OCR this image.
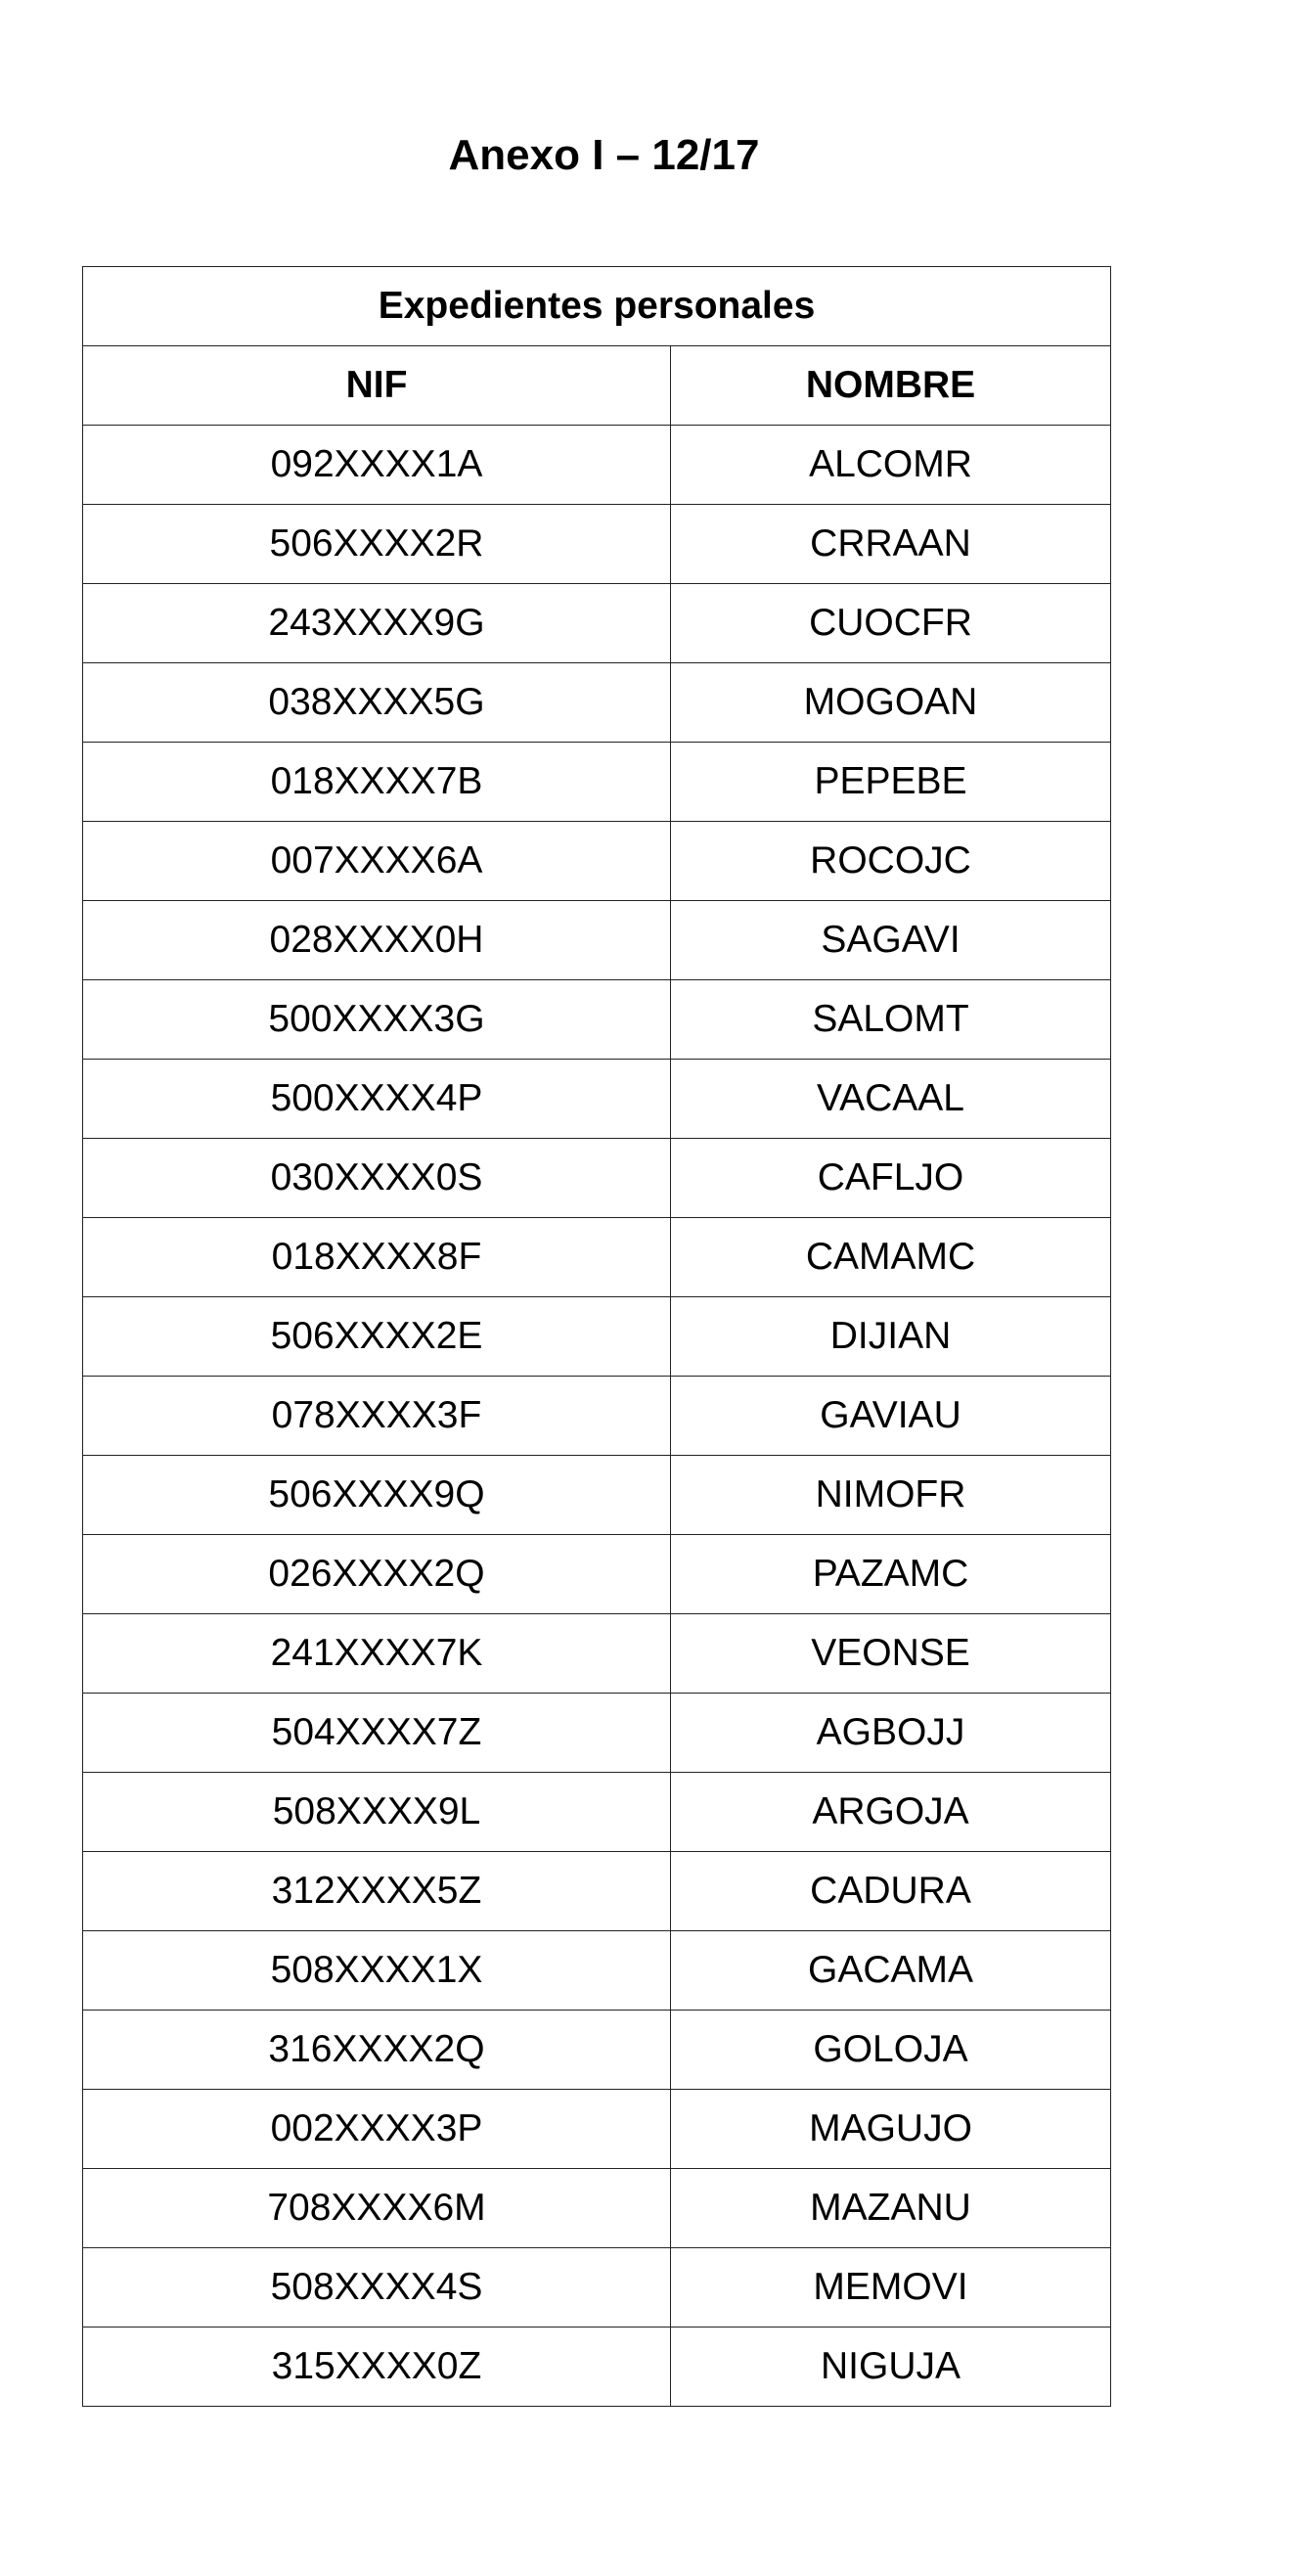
Anexo I – 12/17
Expedientes personales	
NIF	NOMBRE
092XXXX1A	ALCOMR
506XXXX2R	CRRAAN
243XXXX9G	CUOCFR
038XXXX5G	MOGOAN
018XXXX7B	PEPEBE
007XXXX6A	ROCOJC
028XXXX0H	SAGAVI
500XXXX3G	SALOMT
500XXXX4P	VACAAL
030XXXX0S	CAFLJO
018XXXX8F	CAMAMC
506XXXX2E	DIJIAN
078XXXX3F	GAVIAU
506XXXX9Q	NIMOFR
026XXXX2Q	PAZAMC
241XXXX7K	VEONSE
504XXXX7Z	AGBOJJ
508XXXX9L	ARGOJA
312XXXX5Z	CADURA
508XXXX1X	GACAMA
316XXXX2Q	GOLOJA
002XXXX3P	MAGUJO
708XXXX6M	MAZANU
508XXXX4S	MEMOVI
315XXXX0Z	NIGUJA
